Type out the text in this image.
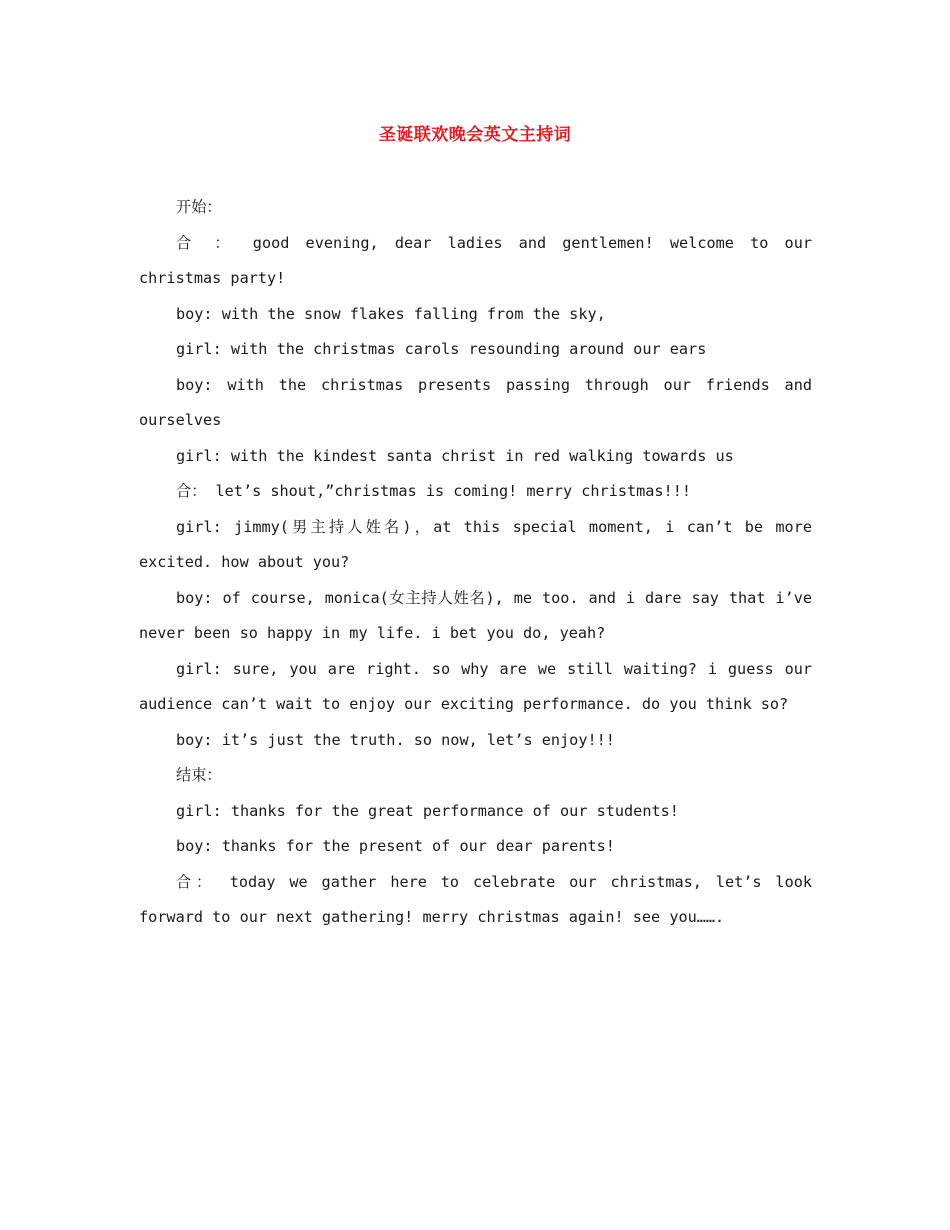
圣诞联欢晚会英文主持词

开始：

合 ： good evening, dear ladies and gentlemen! welcome to our christmas party!

boy: with the snow flakes falling from the sky,

girl: with the christmas carols resounding around our ears

boy: with the christmas presents passing through our friends and ourselves

girl: with the kindest santa christ in red walking towards us

合： let’s shout,”christmas is coming! merry christmas!!!

girl: jimmy(男主持人姓名)，at this special moment, i can’t be more excited. how about you?

boy: of course, monica(女主持人姓名), me too. and i dare say that i’ve never been so happy in my life. i bet you do, yeah?

girl: sure, you are right. so why are we still waiting? i guess our audience can’t wait to enjoy our exciting performance. do you think so?

boy: it’s just the truth. so now, let’s enjoy!!!

结束：

girl: thanks for the great performance of our students!

boy: thanks for the present of our dear parents!

合： today we gather here to celebrate our christmas, let’s look forward to our next gathering! merry christmas again! see you…….
